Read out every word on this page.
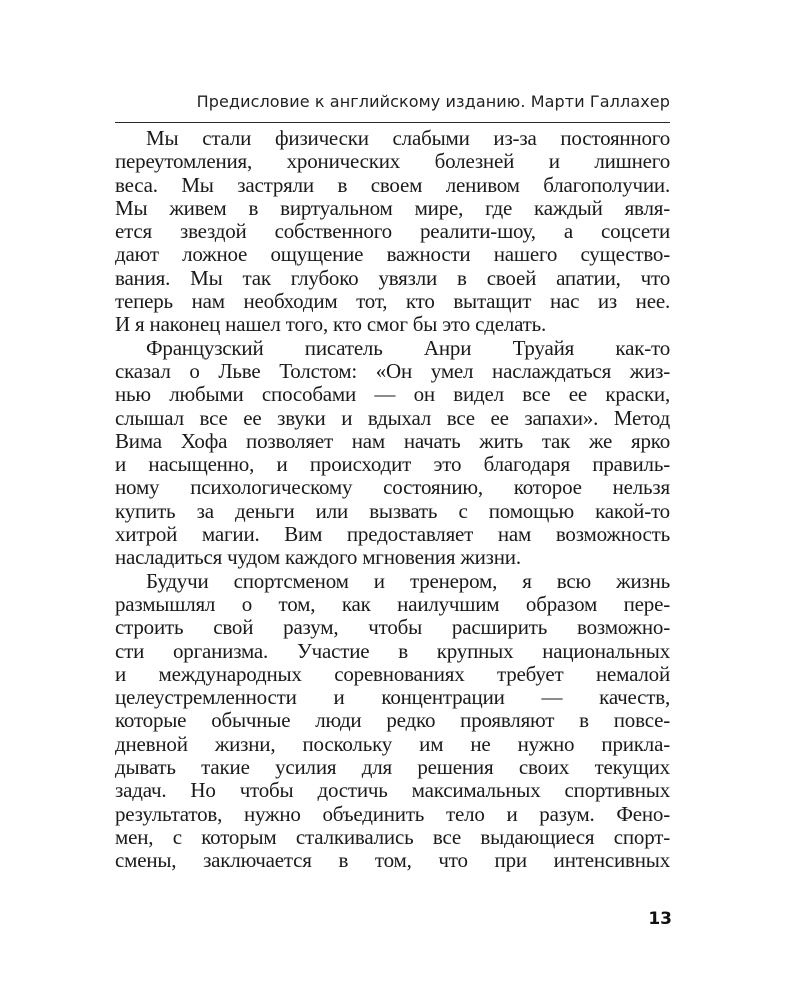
Предисловие к английскому изданию. Марти Галлахер
Мы стали физически слабыми из-за постоянного
переутомления, хронических болезней и лишнего
веса. Мы застряли в своем ленивом благополучии.
Мы живем в виртуальном мире, где каждый явля-
ется звездой собственного реалити-шоу, а соцсети
дают ложное ощущение важности нашего существо-
вания. Мы так глубоко увязли в своей апатии, что
теперь нам необходим тот, кто вытащит нас из нее.
И я наконец нашел того, кто смог бы это сделать.
Французский писатель Анри Труайя как-то
сказал о Льве Толстом: «Он умел наслаждаться жиз-
нью любыми способами — он видел все ее краски,
слышал все ее звуки и вдыхал все ее запахи». Метод
Вима Хофа позволяет нам начать жить так же ярко
и насыщенно, и происходит это благодаря правиль-
ному психологическому состоянию, которое нельзя
купить за деньги или вызвать с помощью какой-то
хитрой магии. Вим предоставляет нам возможность
насладиться чудом каждого мгновения жизни.
Будучи спортсменом и тренером, я всю жизнь
размышлял о том, как наилучшим образом пере-
строить свой разум, чтобы расширить возможно-
сти организма. Участие в крупных национальных
и международных соревнованиях требует немалой
целеустремленности и концентрации — качеств,
которые обычные люди редко проявляют в повсе-
дневной жизни, поскольку им не нужно прикла-
дывать такие усилия для решения своих текущих
задач. Но чтобы достичь максимальных спортивных
результатов, нужно объединить тело и разум. Фено-
мен, с которым сталкивались все выдающиеся спорт-
смены, заключается в том, что при интенсивных
13
